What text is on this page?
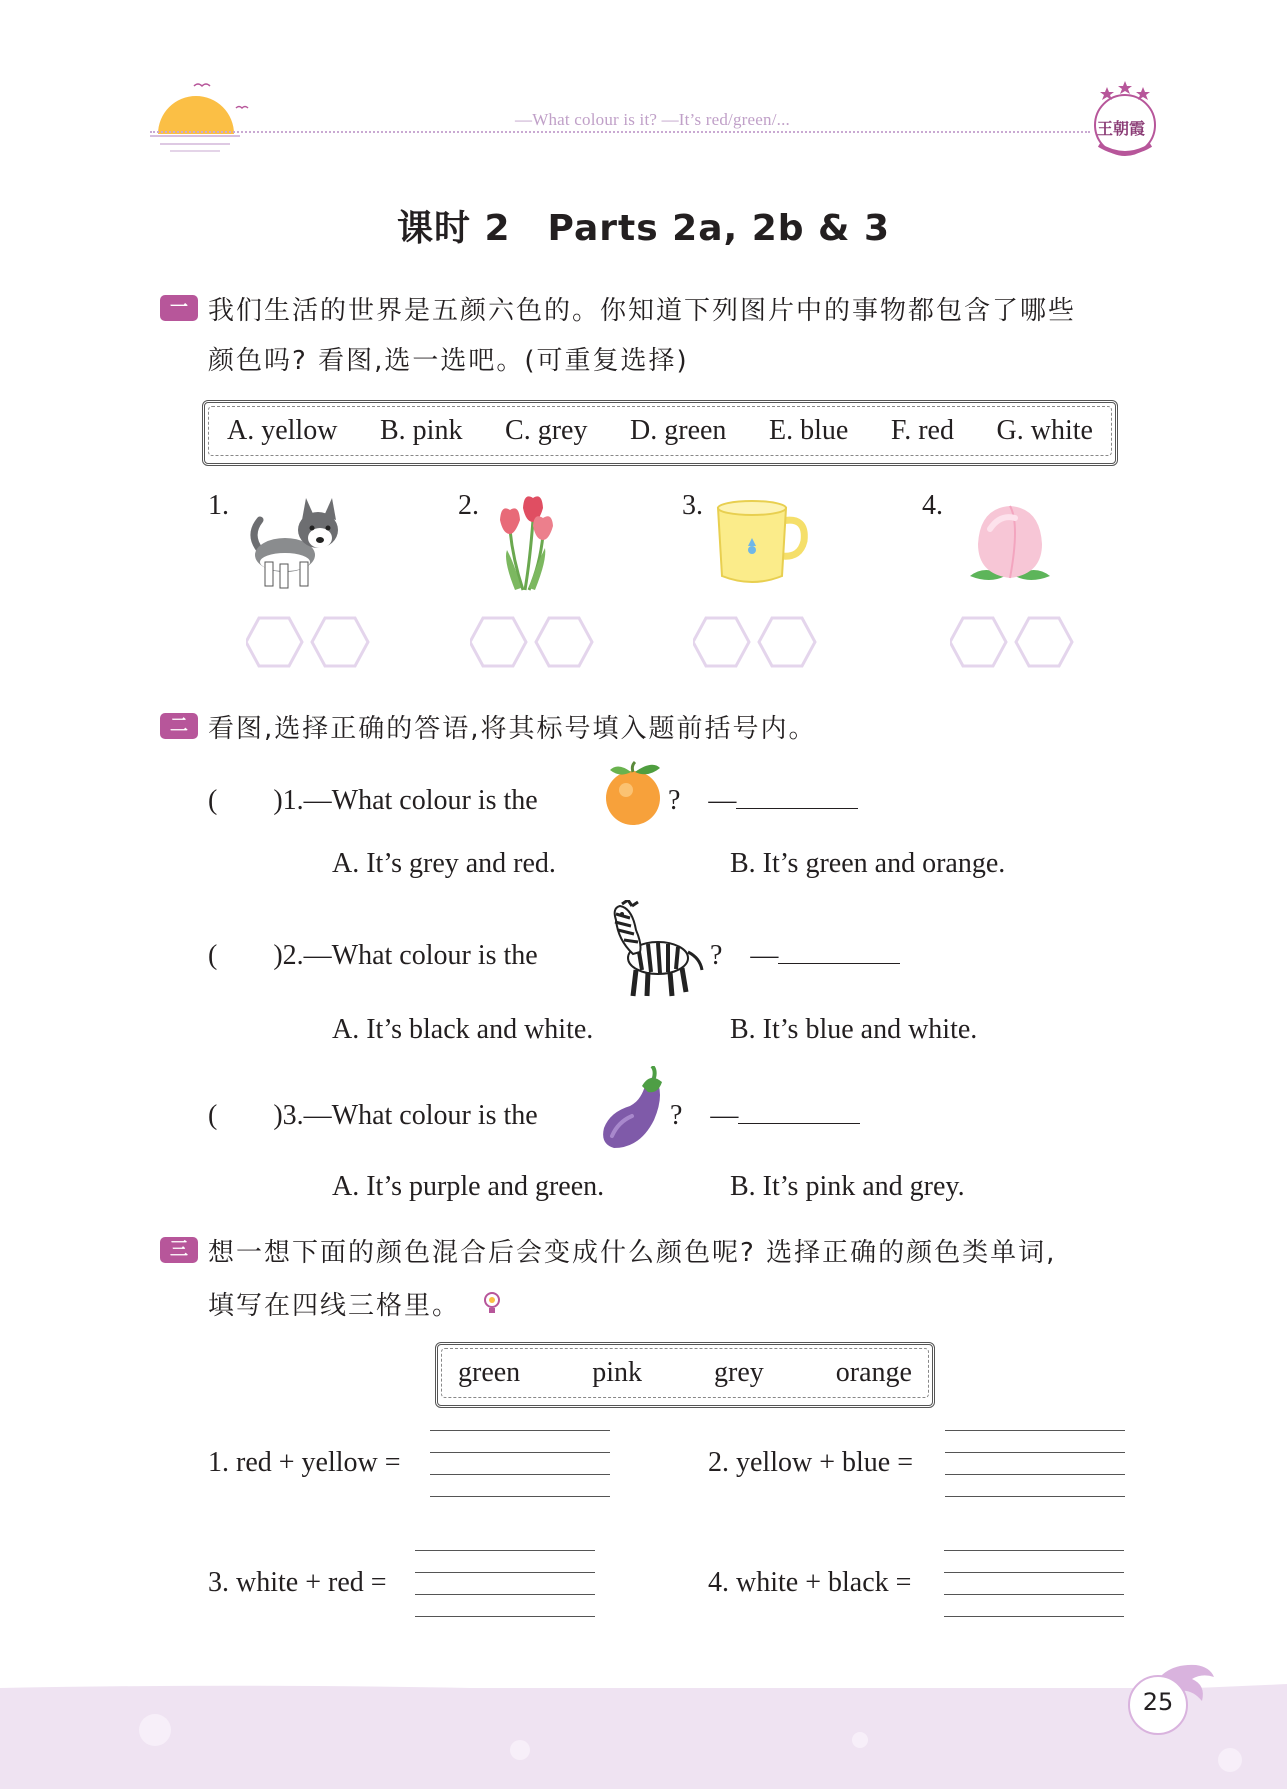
—What colour is it? —It’s red/green/...	王朝霞
课时 2　Parts 2a, 2b & 3
一 我们生活的世界是五颜六色的。你知道下列图片中的事物都包含了哪些
颜色吗? 看图,选一选吧。(可重复选择)
A. yellow B. pink C. grey D. green E. blue F. red G. white
1.	2.	3.	4.
二 看图,选择正确的答语,将其标号填入题前括号内。
(　　)1.—What colour is the	?　—
A. It’s grey and red.	B. It’s green and orange.
(　　)2.—What colour is the	?　—
A. It’s black and white.	B. It’s blue and white.
(　　)3.—What colour is the	?　—
A. It’s purple and green.	B. It’s pink and grey.
三 想一想下面的颜色混合后会变成什么颜色呢? 选择正确的颜色类单词,
填写在四线三格里。
green	pink	grey	orange
1. red + yellow =	2. yellow + blue =
3. white + red =	4. white + black =
25
